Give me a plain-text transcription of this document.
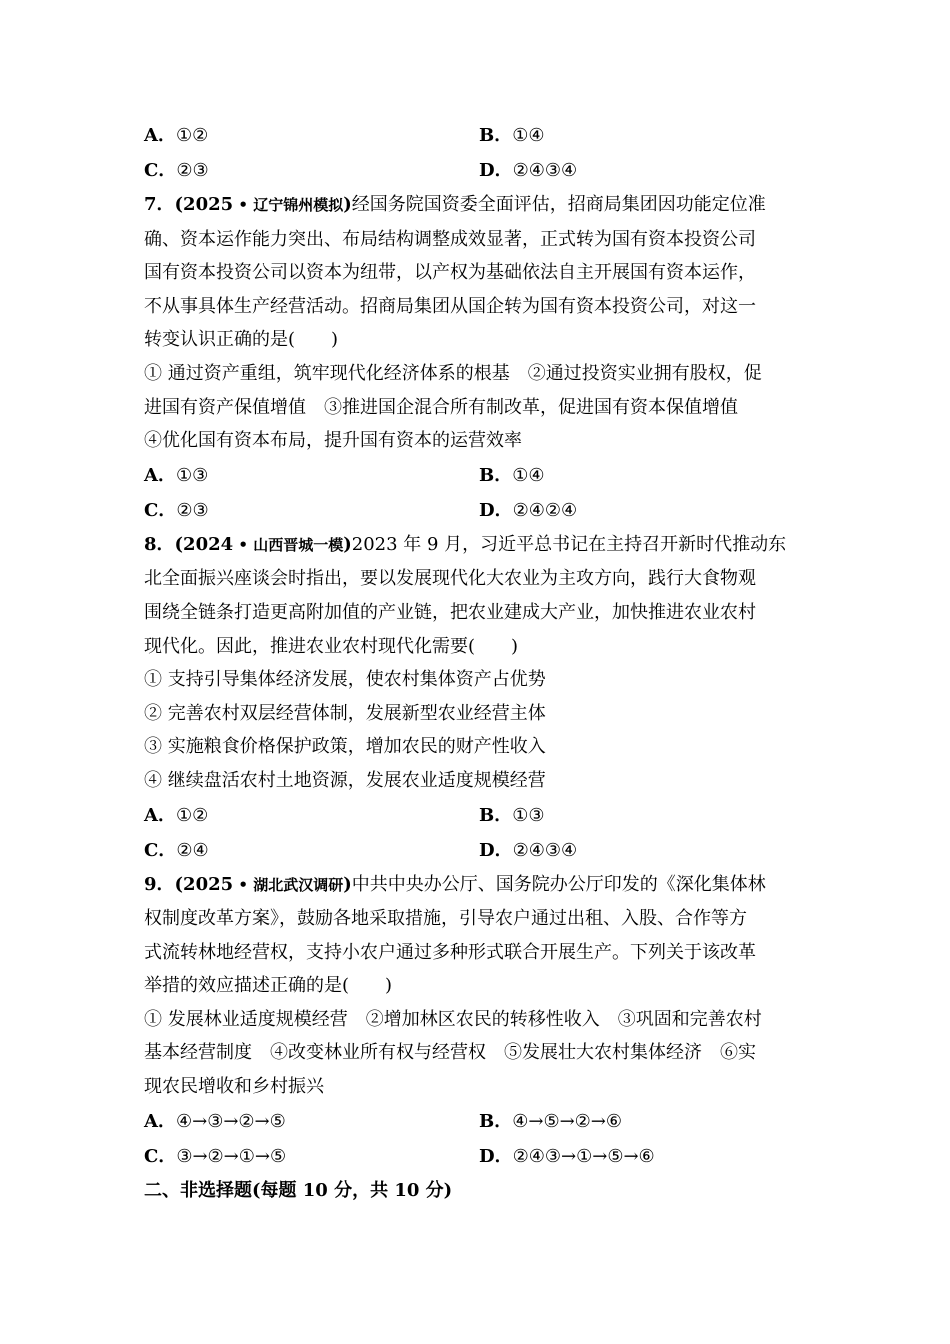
A．①②	B．①④
C．②③	D．②④③④
7．(2025 • 辽宁锦州模拟)经国务院国资委全面评估，招商局集团因功能定位准
确、资本运作能力突出、布局结构调整成效显著，正式转为国有资本投资公司
国有资本投资公司以资本为纽带，以产权为基础依法自主开展国有资本运作，
不从事具体生产经营活动。招商局集团从国企转为国有资本投资公司，对这一
转变认识正确的是(　　)
① 通过资产重组，筑牢现代化经济体系的根基　②通过投资实业拥有股权，促
进国有资产保值增值　③推进国企混合所有制改革，促进国有资本保值增值
④优化国有资本布局，提升国有资本的运营效率
A．①③	B．①④
C．②③	D．②④②④
8．(2024 • 山西晋城一模)2023 年 9 月，习近平总书记在主持召开新时代推动东
北全面振兴座谈会时指出，要以发展现代化大农业为主攻方向，践行大食物观
围绕全链条打造更高附加值的产业链，把农业建成大产业，加快推进农业农村
现代化。因此，推进农业农村现代化需要(　　)
① 支持引导集体经济发展，使农村集体资产占优势
② 完善农村双层经营体制，发展新型农业经营主体
③ 实施粮食价格保护政策，增加农民的财产性收入
④ 继续盘活农村土地资源，发展农业适度规模经营
A．①②	B．①③
C．②④	D．②④③④
9．(2025 • 湖北武汉调研)中共中央办公厅、国务院办公厅印发的《深化集体林
权制度改革方案》，鼓励各地采取措施，引导农户通过出租、入股、合作等方
式流转林地经营权，支持小农户通过多种形式联合开展生产。下列关于该改革
举措的效应描述正确的是(　　)
① 发展林业适度规模经营　②增加林区农民的转移性收入　③巩固和完善农村
基本经营制度　④改变林业所有权与经营权　⑤发展壮大农村集体经济　⑥实
现农民增收和乡村振兴
A．④→③→②→⑤	B．④→⑤→②→⑥
C．③→②→①→⑤	D．②④③→①→⑤→⑥
二、非选择题(每题 10 分，共 10 分)
